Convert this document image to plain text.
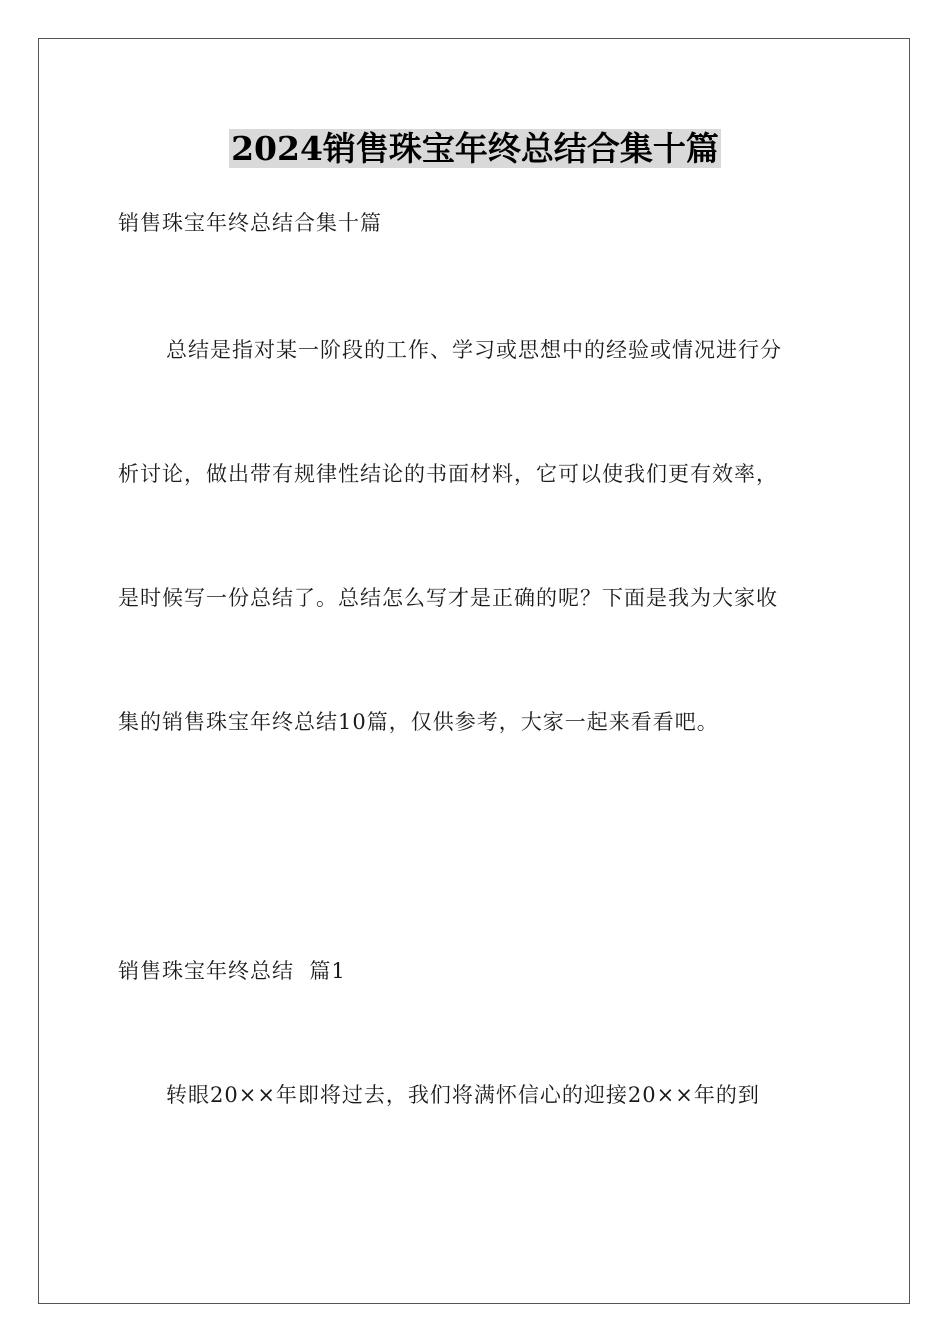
2024销售珠宝年终总结合集十篇
销售珠宝年终总结合集十篇
总结是指对某一阶段的工作、学习或思想中的经验或情况进行分
析讨论，做出带有规律性结论的书面材料，它可以使我们更有效率，
是时候写一份总结了。总结怎么写才是正确的呢？下面是我为大家收
集的销售珠宝年终总结10篇，仅供参考，大家一起来看看吧。
销售珠宝年终总结  篇1
转眼20××年即将过去，我们将满怀信心的迎接20××年的到
